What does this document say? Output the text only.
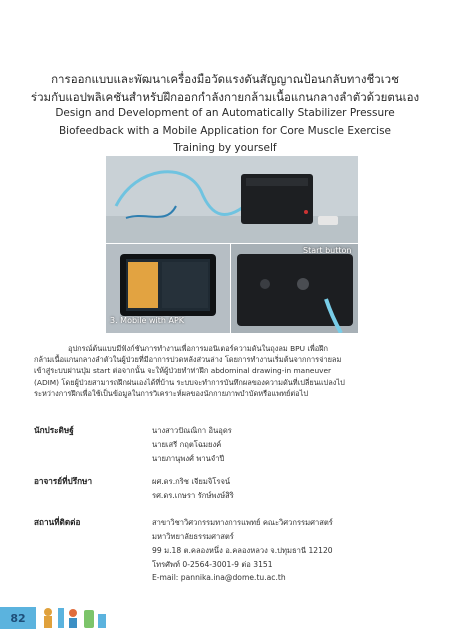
การออกแบบและพัฒนาเครื่องมือวัดแรงดันสัญญาณป้อนกลับทางชีวเวช
ร่วมกับแอปพลิเคชันสำหรับฝึกออกกำลังกายกล้ามเนื้อแกนกลางลำตัวด้วยตนเอง
Design and Development of an Automatically Stabilizer Pressure
Biofeedback with a Mobile Application for Core Muscle Exercise
Training by yourself
3. Mobile with APK
Start button

อุปกรณ์ต้นแบบมีฟังก์ชันการทำงานเพื่อการมอนิเตอร์ความดันในถุงลม BPU เพื่อฝึก
กล้ามเนื้อแกนกลางลำตัวในผู้ป่วยที่มีอาการปวดหลังส่วนล่าง โดยการทำงานเริ่มต้นจากการจ่ายลม
เข้าสู่ระบบผ่านปุ่ม start ต่อจากนั้น จะให้ผู้ป่วยทำท่าฝึก abdominal drawing-in maneuver
(ADIM) โดยผู้ป่วยสามารถฝึกฝนเองได้ที่บ้าน ระบบจะทำการบันทึกผลของความดันที่เปลี่ยนแปลงไป
ระหว่างการฝึกเพื่อใช้เป็นข้อมูลในการวิเคราะห์ผลของนักกายภาพบำบัดหรือแพทย์ต่อไป

นักประดิษฐ์	นางสาวปัณณิกา อินอุดร
นายเสรี กฤตโฉมยงค์
นายภานุพงศ์ พานจำปี
อาจารย์ที่ปรึกษา	ผศ.ดร.กริช เจียมจิโรจน์
รศ.ดร.เกษรา รักษ์พงษ์สิริ
สถานที่ติดต่อ	สาขาวิชาวิศวกรรมทางการแพทย์ คณะวิศวกรรมศาสตร์
มหาวิทยาลัยธรรมศาสตร์
99 ม.18 ต.คลองหนึ่ง อ.คลองหลวง จ.ปทุมธานี 12120
โทรศัพท์ 0-2564-3001-9 ต่อ 3151
E-mail: pannika.ina@dome.tu.ac.th
82
